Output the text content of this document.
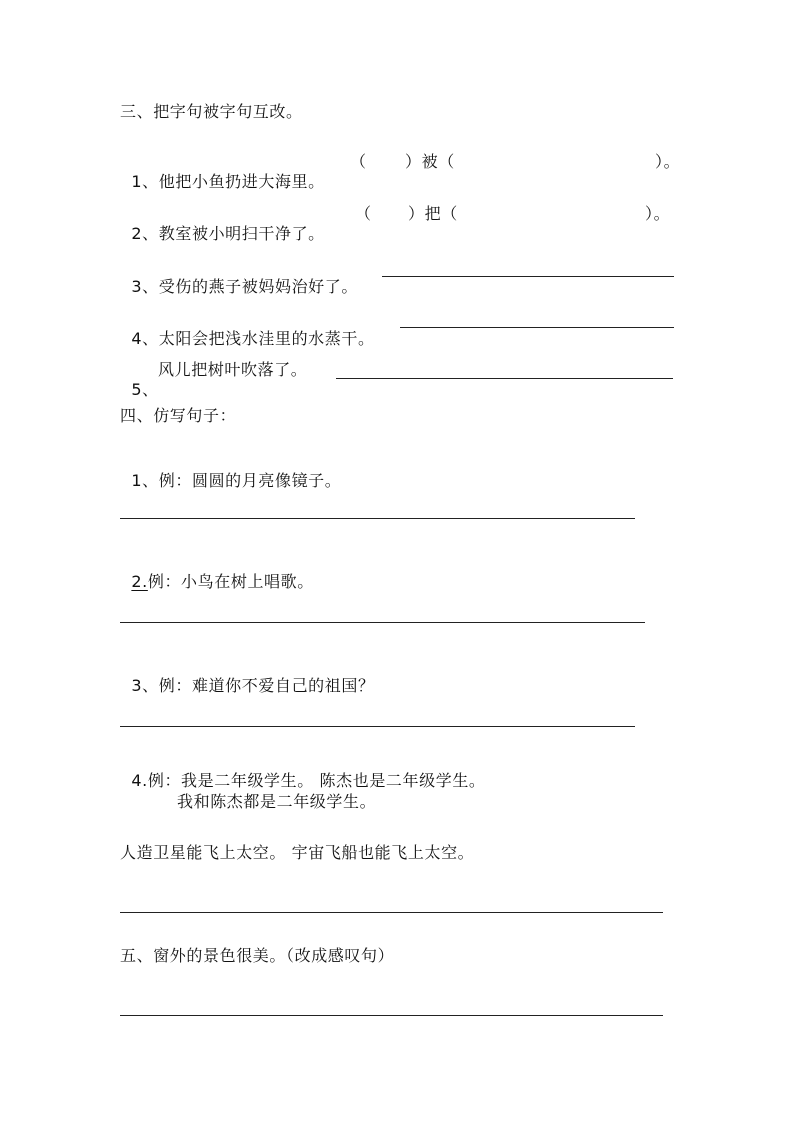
三、把字句被字句互改。

1、他把小鱼扔进大海里。

（ ）被（	）。

2、教室被小明扫干净了。

（ ）把（	）。

3、受伤的燕子被妈妈治好了。

4、太阳会把浅水洼里的水蒸干。

5、

风儿把树叶吹落了。
四、仿写句子：

1、例：圆圆的月亮像镜子。

2.例：小鸟在树上唱歌。

3、例：难道你不爱自己的祖国？

4.例：我是二年级学生。 陈杰也是二年级学生。

我和陈杰都是二年级学生。
人造卫星能飞上太空。 宇宙飞船也能飞上太空。
五、窗外的景色很美。（改成感叹句）
